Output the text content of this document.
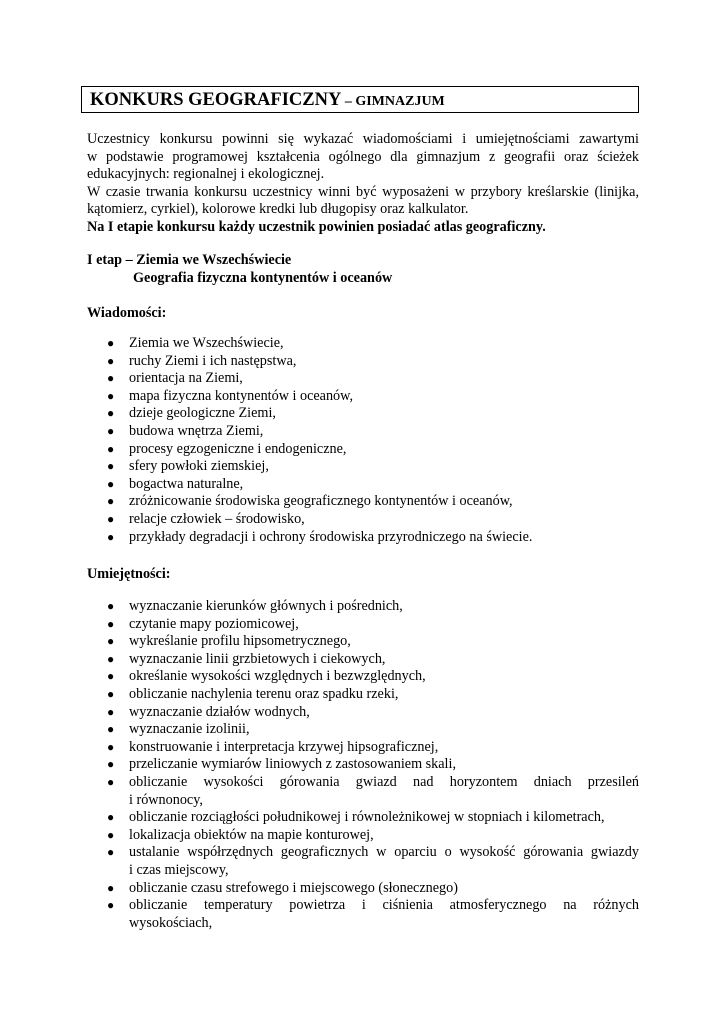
KONKURS GEOGRAFICZNY – GIMNAZJUM

Uczestnicy konkursu powinni się wykazać wiadomościami i umiejętnościami zawartymi

w podstawie programowej kształcenia ogólnego dla gimnazjum z geografii oraz ścieżek

edukacyjnych: regionalnej i ekologicznej.

W czasie trwania konkursu uczestnicy winni być wyposażeni w przybory kreślarskie (linijka,

kątomierz, cyrkiel), kolorowe kredki lub długopisy oraz kalkulator.

Na I etapie konkursu każdy uczestnik powinien posiadać atlas geograficzny.

I etap – Ziemia we Wszechświecie
Geografia fizyczna kontynentów i oceanów
Wiadomości:
● Ziemia we Wszechświecie,
● ruchy Ziemi i ich następstwa,
● orientacja na Ziemi,
● mapa fizyczna kontynentów i oceanów,
● dzieje geologiczne Ziemi,
● budowa wnętrza Ziemi,
● procesy egzogeniczne i endogeniczne,
● sfery powłoki ziemskiej,
● bogactwa naturalne,
● zróżnicowanie środowiska geograficznego kontynentów i oceanów,
● relacje człowiek – środowisko,
● przykłady degradacji i ochrony środowiska przyrodniczego na świecie.
Umiejętności:
● wyznaczanie kierunków głównych i pośrednich,
● czytanie mapy poziomicowej,
● wykreślanie profilu hipsometrycznego,
● wyznaczanie linii grzbietowych i ciekowych,
● określanie wysokości względnych i bezwzględnych,
● obliczanie nachylenia terenu oraz spadku rzeki,
● wyznaczanie działów wodnych,
● wyznaczanie izolinii,
● konstruowanie i interpretacja krzywej hipsograficznej,
● przeliczanie wymiarów liniowych z zastosowaniem skali,
● obliczanie wysokości górowania gwiazd nad horyzontem dniach przesileń
i równonocy,
● obliczanie rozciągłości południkowej i równoleżnikowej w stopniach i kilometrach,
● lokalizacja obiektów na mapie konturowej,
● ustalanie współrzędnych geograficznych w oparciu o wysokość górowania gwiazdy
i czas miejscowy,
● obliczanie czasu strefowego i miejscowego (słonecznego)
● obliczanie temperatury powietrza i ciśnienia atmosferycznego na różnych
wysokościach,
